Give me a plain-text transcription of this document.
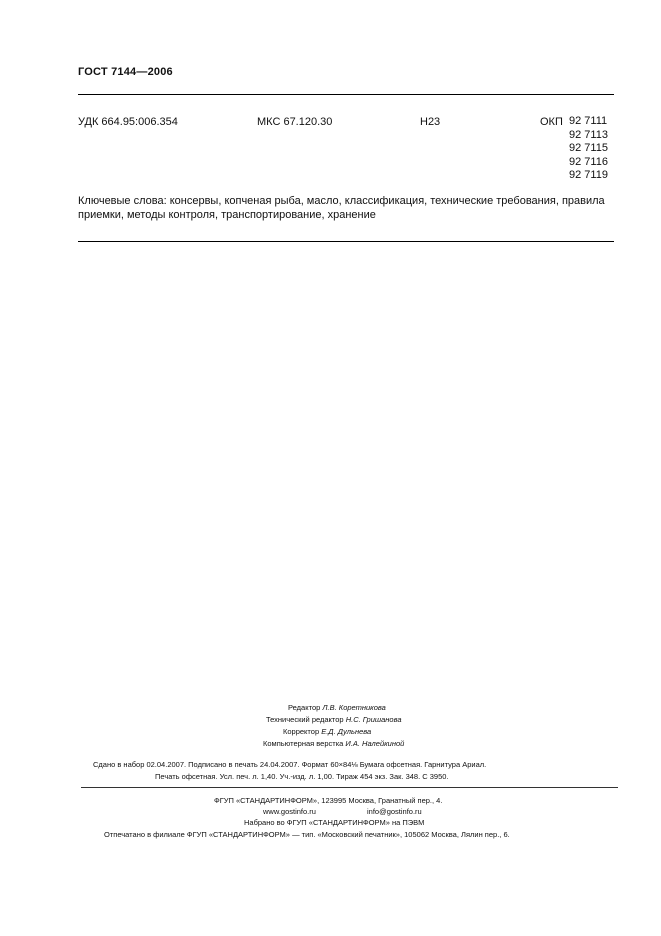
ГОСТ 7144—2006
УДК 664.95:006.354	МКС 67.120.30	Н23	ОКП 92 7111
92 7113
92 7115
92 7116
92 7119
Ключевые слова: консервы, копченая рыба, масло, классификация, технические требования, правила приемки, методы контроля, транспортирование, хранение
Редактор Л.В. Коретникова
Технический редактор Н.С. Гришанова
Корректор Е.Д. Дульнева
Компьютерная верстка И.А. Налейкиной
Сдано в набор 02.04.2007. Подписано в печать 24.04.2007. Формат 60×84⅛ Бумага офсетная. Гарнитура Ариал.
Печать офсетная. Усл. печ. л. 1,40. Уч.-изд. л. 1,00. Тираж 454 экз. Зак. 348. С 3950.
ФГУП «СТАНДАРТИНФОРМ», 123995 Москва, Гранатный пер., 4.
www.gostinfo.ru	info@gostinfo.ru
Набрано во ФГУП «СТАНДАРТИНФОРМ» на ПЭВМ
Отпечатано в филиале ФГУП «СТАНДАРТИНФОРМ» — тип. «Московский печатник», 105062 Москва, Лялин пер., 6.
